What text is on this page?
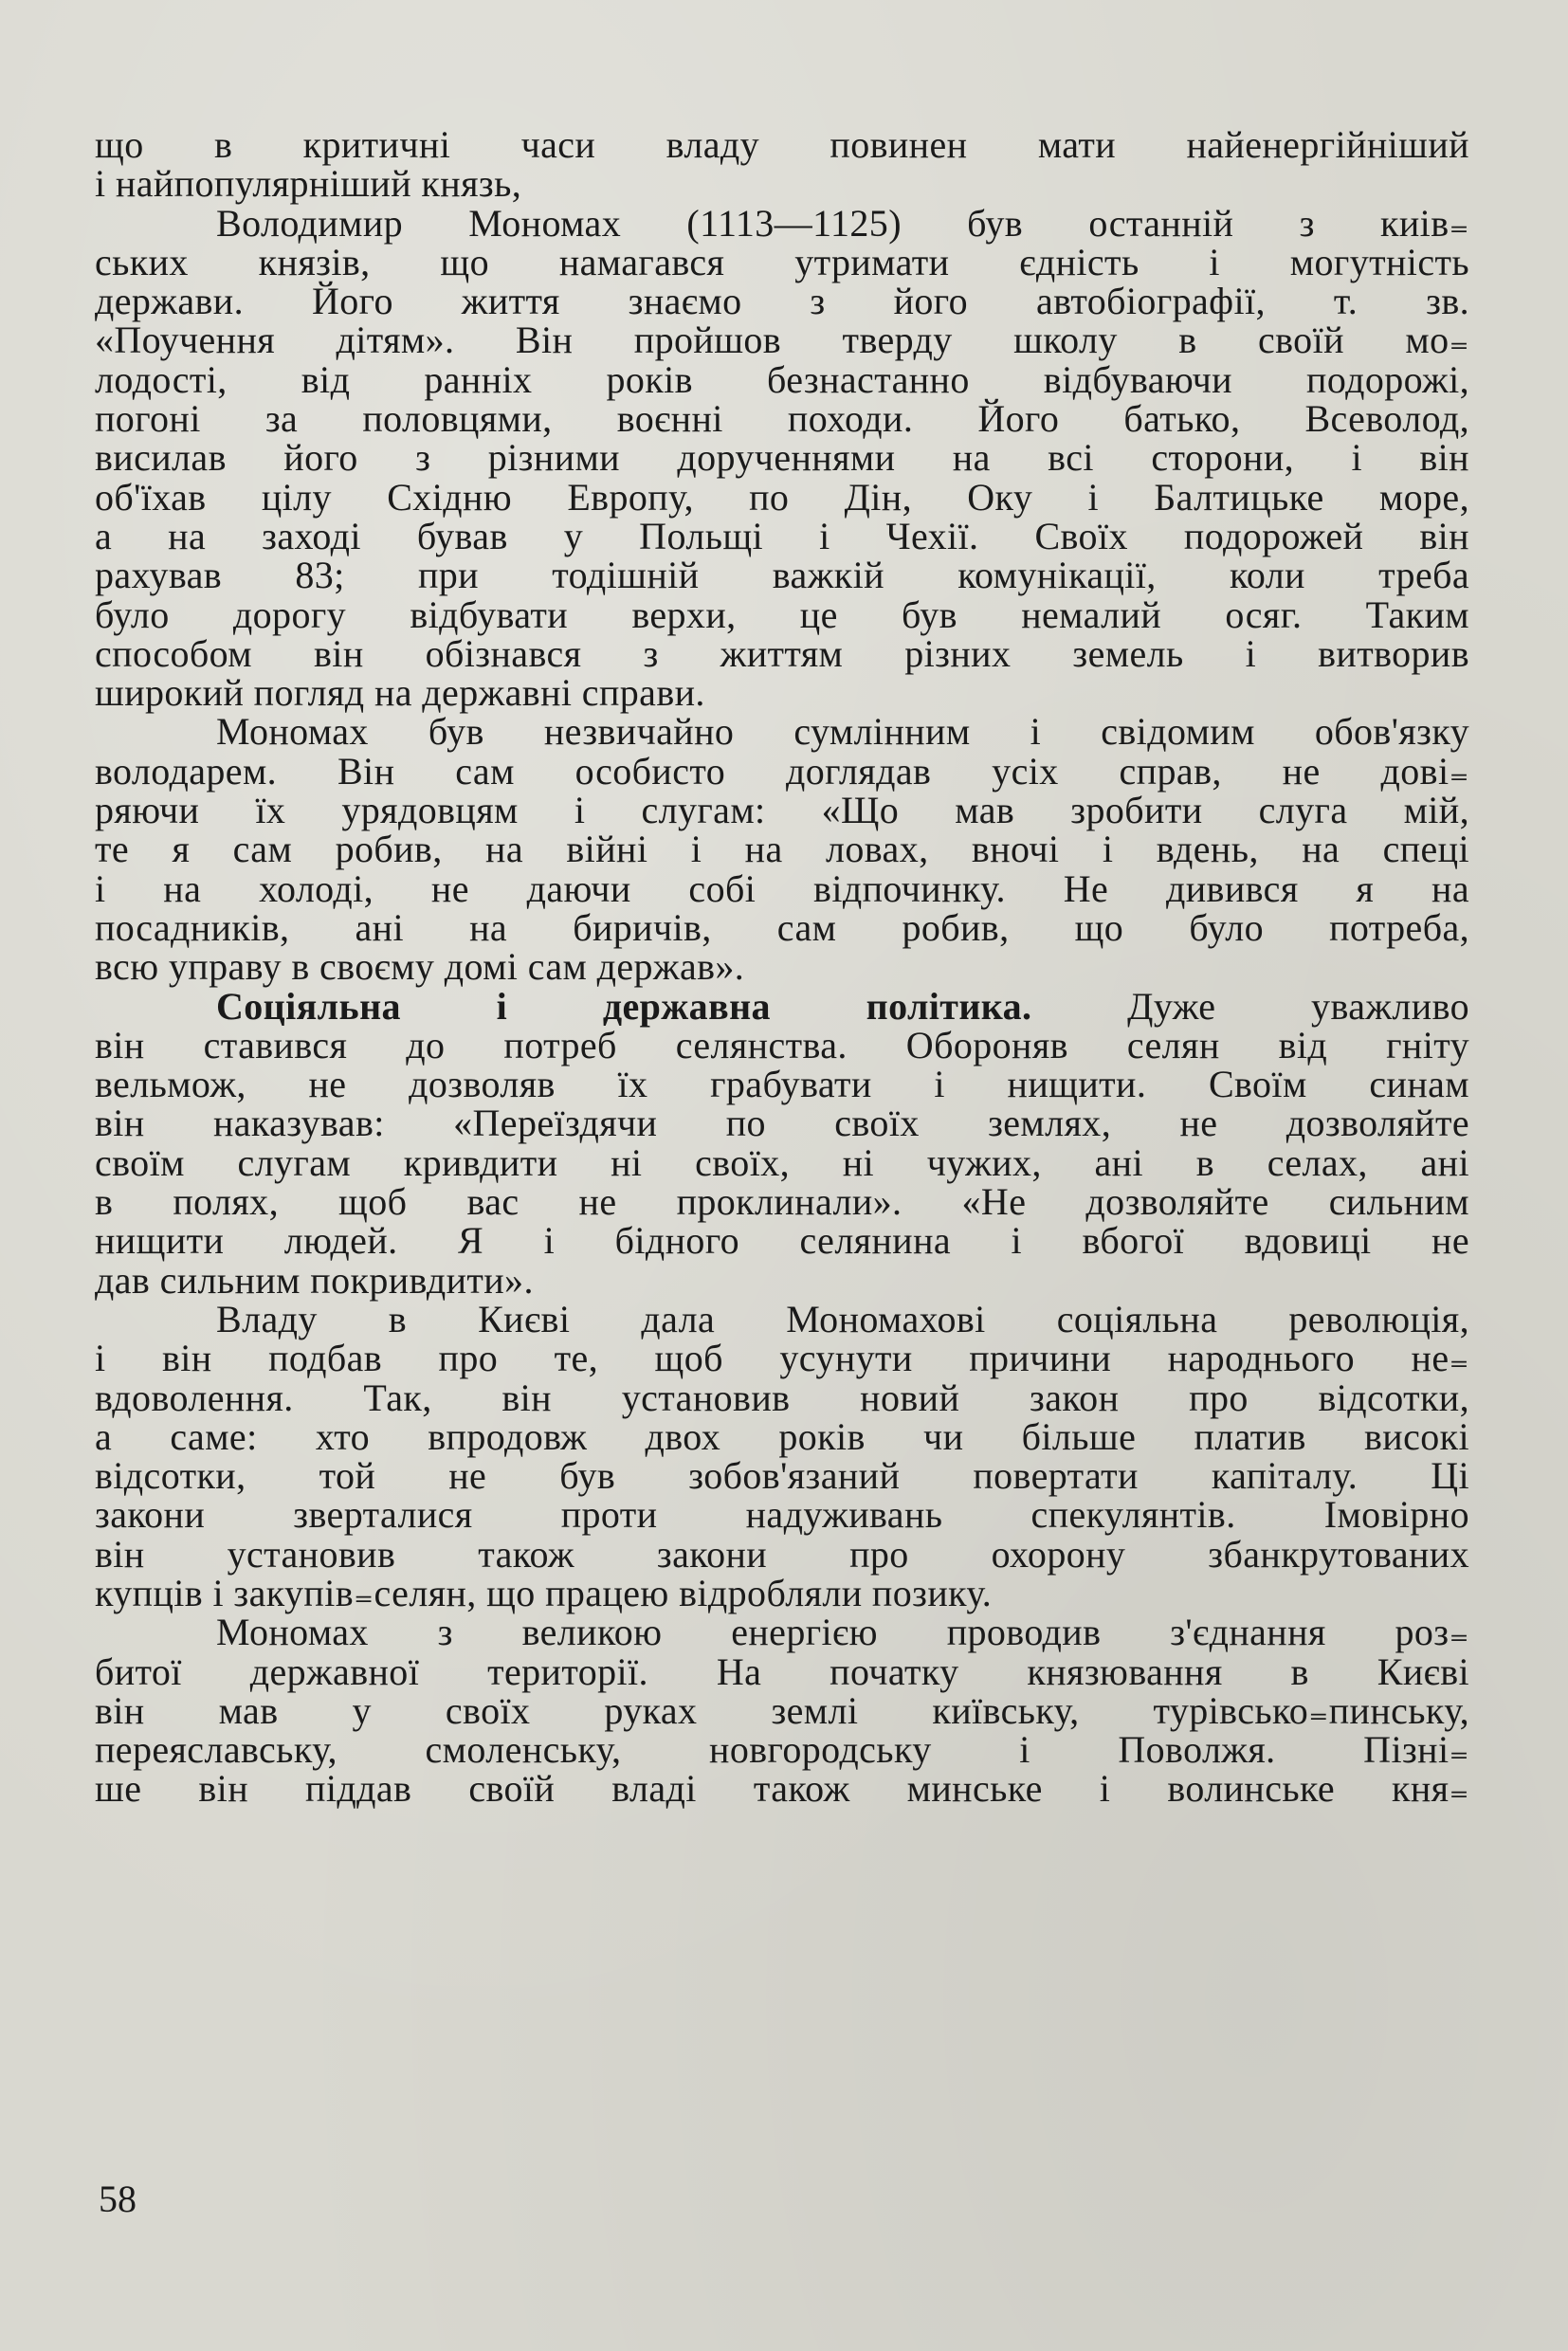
що в критичні часи владу повинен мати найенергійніший
і найпопулярніший князь,
Володимир Мономах (1113—1125) був останній з киів₌
ських князів, що намагався утримати єдність і могутність
держави. Його життя знаємо з його автобіографії, т. зв.
«Поучення дітям». Він пройшов тверду школу в своїй мо₌
лодості, від ранніх років безнастанно відбуваючи подорожі,
погоні за половцями, воєнні походи. Його батько, Всеволод,
висилав його з різними дорученнями на всі сторони, і він
об'їхав цілу Східню Европу, по Дін, Оку і Балтицьке море,
а на заході бував у Польщі і Чехії. Своїх подорожей він
рахував 83; при тодішній важкій комунікації, коли треба
було дорогу відбувати верхи, це був немалий осяг. Таким
способом він обізнався з життям різних земель і витворив
широкий погляд на державні справи.
Мономах був незвичайно сумлінним і свідомим обов'язку
володарем. Він сам особисто доглядав усіх справ, не дові₌
ряючи їх урядовцям і слугам: «Що мав зробити слуга мій,
те я сам робив, на війні і на ловах, вночі і вдень, на спеці
і на холоді, не даючи собі відпочинку. Не дивився я на
посадників, ані на биричів, сам робив, що було потреба,
всю управу в своєму домі сам держав».
Соціяльна і державна політика.	Дуже уважливо
він ставився до потреб селянства. Обороняв селян від гніту
вельмож, не дозволяв їх грабувати і нищити. Своїм синам
він наказував: «Переїздячи по своїх землях, не дозволяйте
своїм слугам кривдити ні своїх, ні чужих, ані в селах, ані
в полях, щоб вас не проклинали». «Не дозволяйте сильним
нищити людей. Я і бідного селянина і вбогої вдовиці не
дав сильним покривдити».
Владу в Києві дала Мономахові соціяльна революція,
і він подбав про те, щоб усунути причини народнього не₌
вдоволення. Так, він установив новий закон про відсотки,
а саме: хто впродовж двох років чи більше платив високі
відсотки, той не був зобов'язаний повертати капіталу. Ці
закони зверталися проти надуживань спекулянтів. Імовірно
він установив також закони про охорону збанкрутованих
купців і закупів₌селян, що працею відробляли позику.
Мономах з великою енергією проводив з'єднання роз₌
битої державної території. На початку князювання в Києві
він мав у своїх руках землі київську, турівсько₌пинську,
переяславську, смоленську, новгородську і Поволжя. Пізні₌
ше він піддав своїй владі також минське і волинське кня₌
58
